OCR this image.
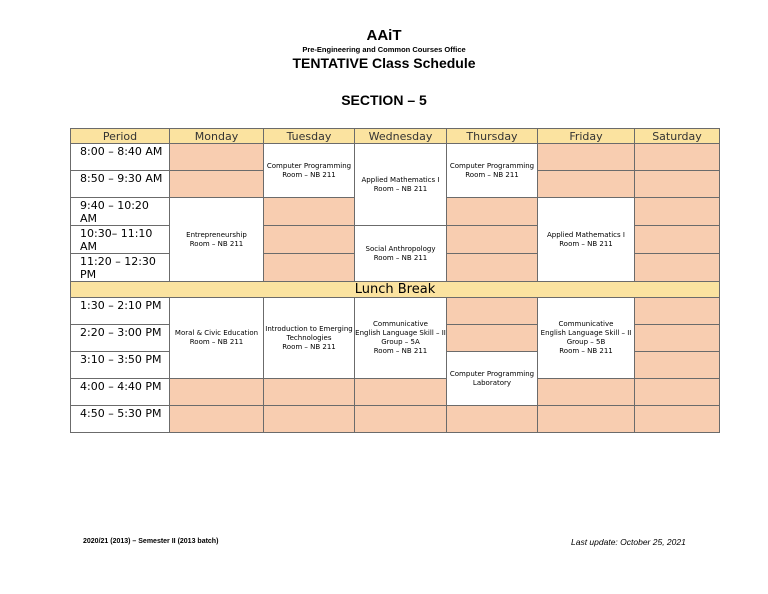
AAiT
Pre-Engineering and Common Courses Office
TENTATIVE Class Schedule
SECTION – 5
Period	Monday	Tuesday	Wednesday	Thursday	Friday	Saturday

8:00 – 8:40 AM		Computer Programming
Room – NB 211	Applied Mathematics I
Room – NB 211	Computer Programming
Room – NB 211		

8:50 – 9:30 AM						

9:40 – 10:20 AM	Entrepreneurship
Room – NB 211				Applied Mathematics I
Room – NB 211	

10:30– 11:10 AM			Social Anthropology
Room – NB 211			

11:20 – 12:30 PM						

Lunch Break						

1:30 – 2:10 PM	Moral & Civic Education
Room – NB 211	Introduction to Emerging
Technologies
Room – NB 211	Communicative
English Language Skill – II
Group – 5A
Room – NB 211		Communicative
English Language Skill – II
Group – 5B
Room – NB 211	

2:20 – 3:00 PM						

3:10 – 3:50 PM				Computer Programming
Laboratory		

4:00 – 4:40 PM						

4:50 – 5:30 PM						

2020/21 (2013) – Semester II (2013 batch)	Last update: October 25, 2021
